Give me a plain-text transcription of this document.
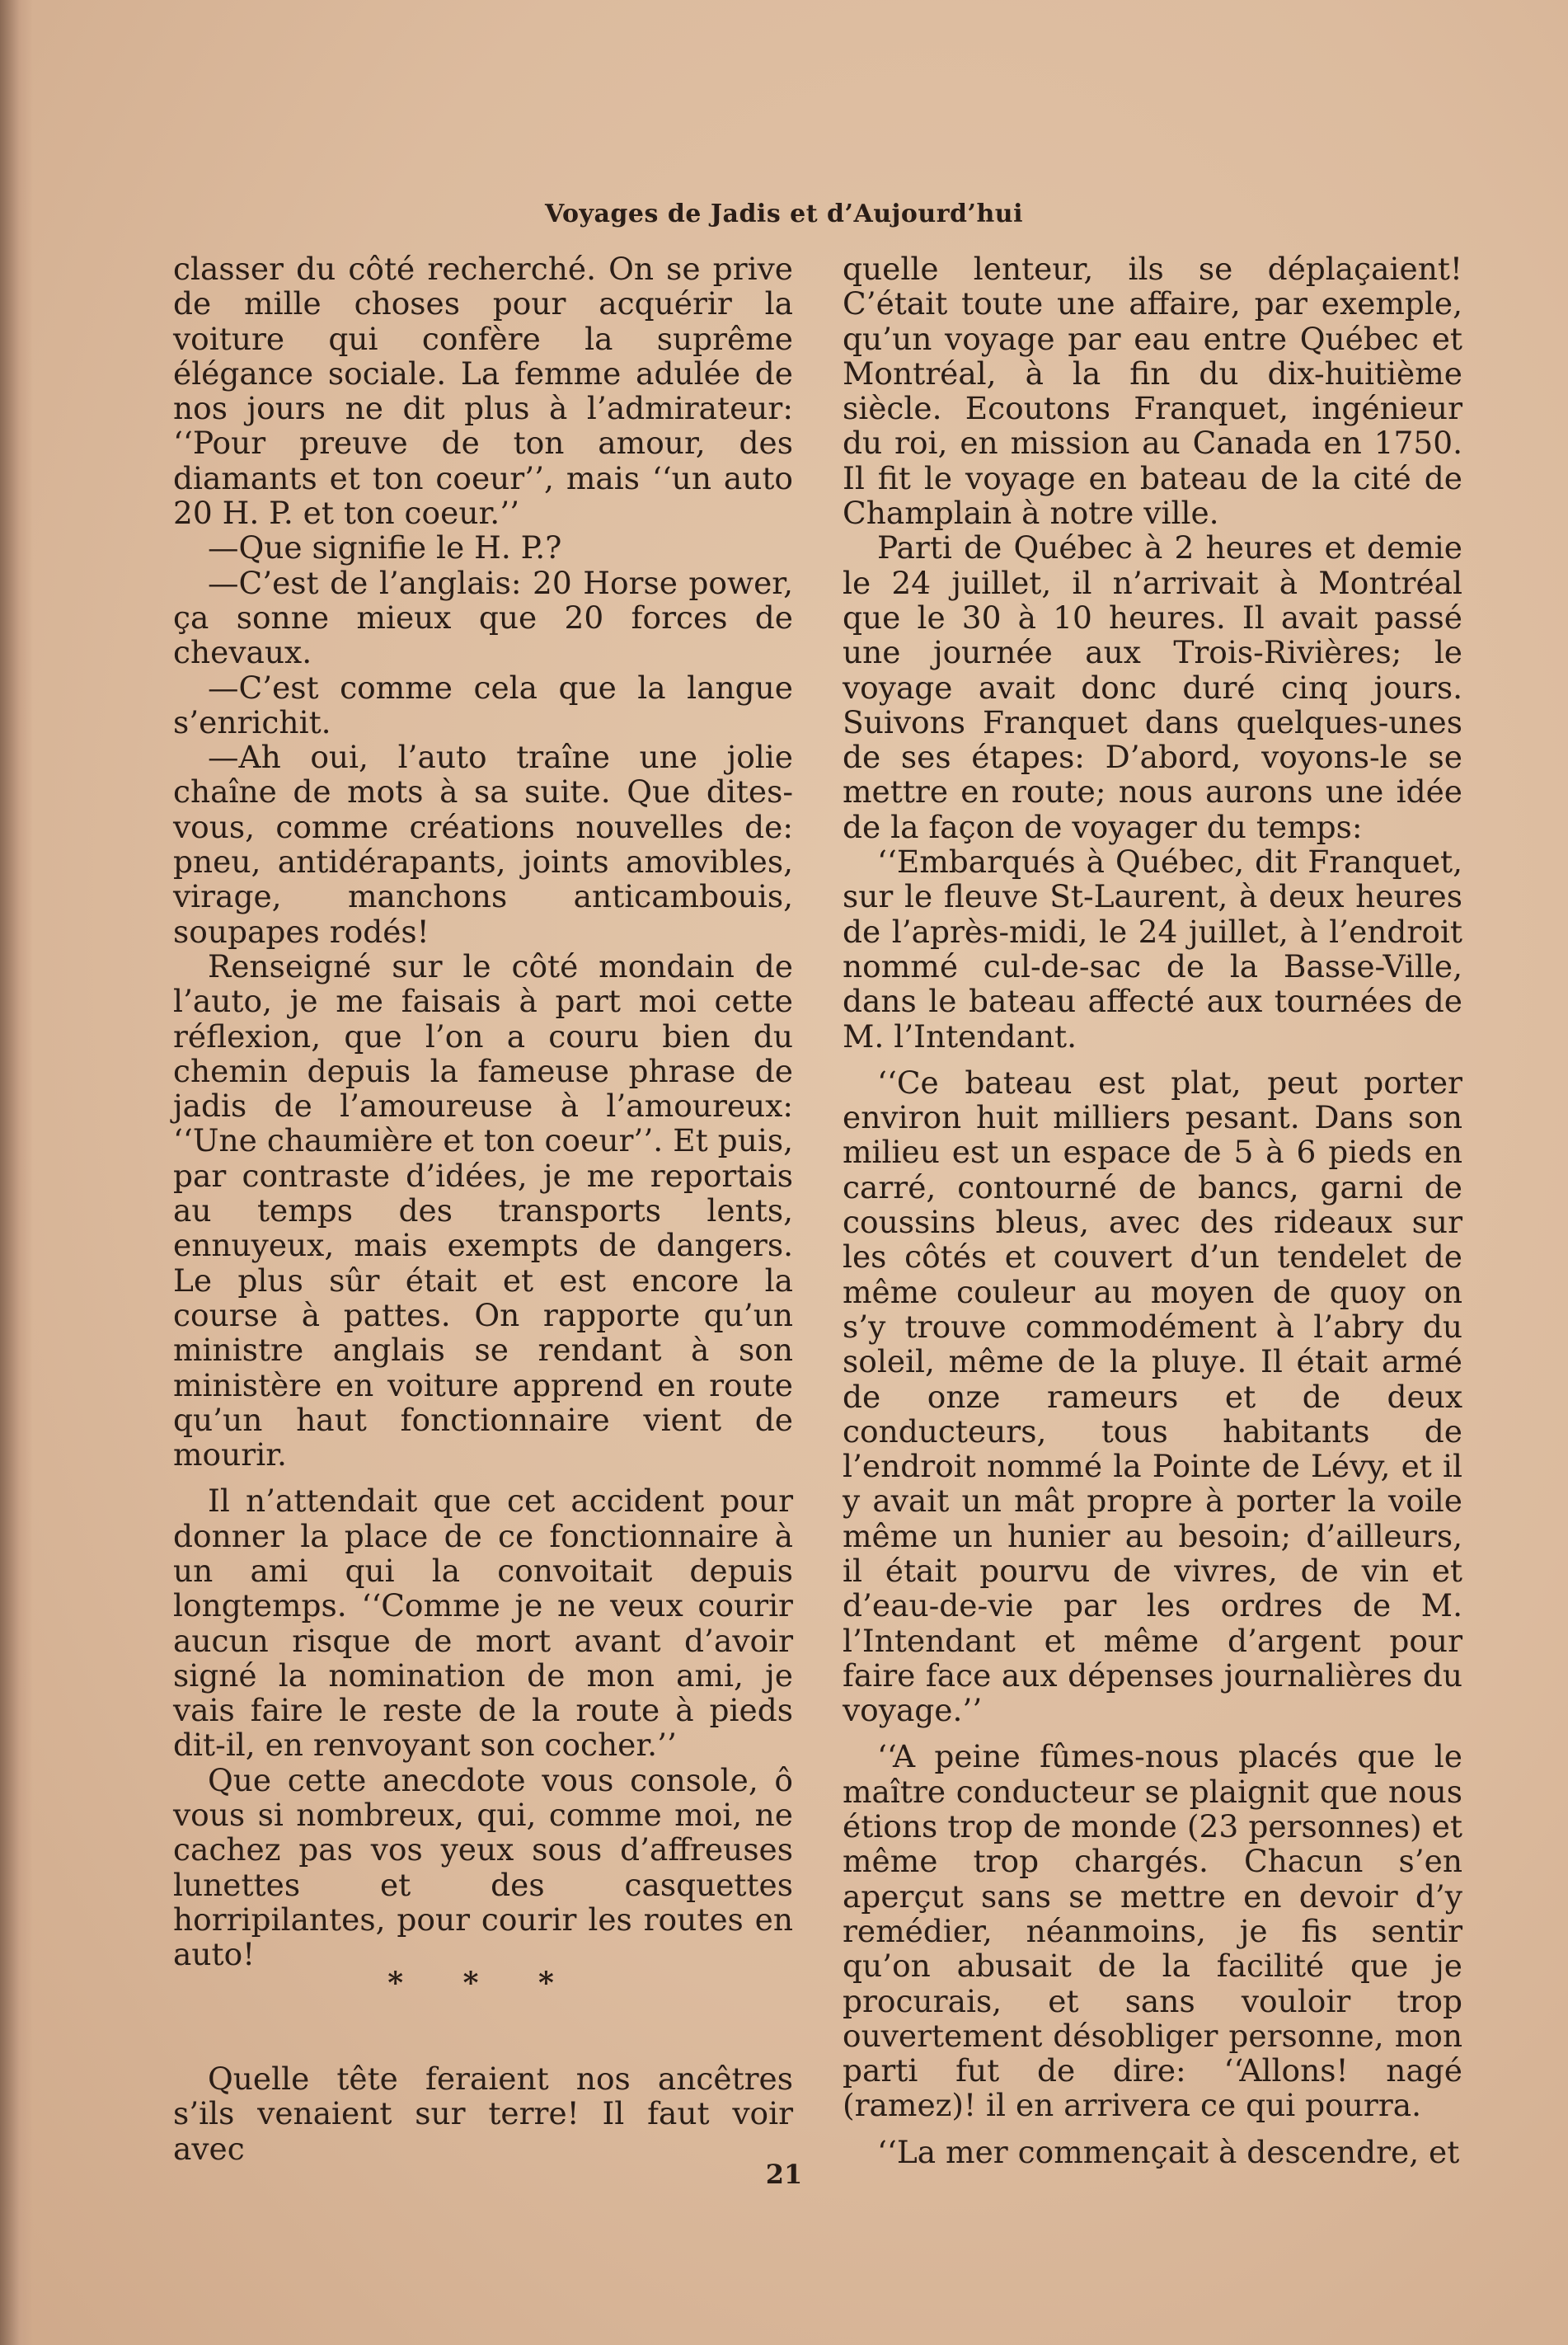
Voyages de Jadis et d’Aujourd’hui

classer du côté recherché. On se prive de mille choses pour acquérir la voiture qui confère la suprême élégance sociale. La femme adulée de nos jours ne dit plus à l’admirateur: ‘‘Pour preuve de ton amour, des diamants et ton coeur’’, mais ‘‘un auto 20 H. P. et ton coeur.’’

—Que signifie le H. P.?

—C’est de l’anglais: 20 Horse power, ça sonne mieux que 20 forces de chevaux.

—C’est comme cela que la langue s’enrichit.

—Ah oui, l’auto traîne une jolie chaîne de mots à sa suite. Que dites-vous, comme créations nouvelles de: pneu, antidérapants, joints amovibles, virage, manchons anticambouis, soupapes rodés!

Renseigné sur le côté mondain de l’auto, je me faisais à part moi cette réflexion, que l’on a couru bien du chemin depuis la fameuse phrase de jadis de l’amoureuse à l’amoureux: ‘‘Une chaumière et ton coeur’’. Et puis, par contraste d’idées, je me reportais au temps des transports lents, ennuyeux, mais exempts de dangers. Le plus sûr était et est encore la course à pattes. On rapporte qu’un ministre anglais se rendant à son ministère en voiture apprend en route qu’un haut fonctionnaire vient de mourir.

Il n’attendait que cet accident pour donner la place de ce fonctionnaire à un ami qui la convoitait depuis longtemps. ‘‘Comme je ne veux courir aucun risque de mort avant d’avoir signé la nomination de mon ami, je vais faire le reste de la route à pieds dit-il, en renvoyant son cocher.’’

Que cette anecdote vous console, ô vous si nombreux, qui, comme moi, ne cachez pas vos yeux sous d’affreuses lunettes et des casquettes horripilantes, pour courir les routes en auto!

* * *

Quelle tête feraient nos ancêtres s’ils venaient sur terre! Il faut voir avec

quelle lenteur, ils se déplaçaient! C’était toute une affaire, par exemple, qu’un voyage par eau entre Québec et Montréal, à la fin du dix-huitième siècle. Ecoutons Franquet, ingénieur du roi, en mission au Canada en 1750. Il fit le voyage en bateau de la cité de Champlain à notre ville.

Parti de Québec à 2 heures et demie le 24 juillet, il n’arrivait à Montréal que le 30 à 10 heures. Il avait passé une journée aux Trois-Rivières; le voyage avait donc duré cinq jours. Suivons Franquet dans quelques-unes de ses étapes: D’abord, voyons-le se mettre en route; nous aurons une idée de la façon de voyager du temps:

‘‘Embarqués à Québec, dit Franquet, sur le fleuve St-Laurent, à deux heures de l’après-midi, le 24 juillet, à l’endroit nommé cul-de-sac de la Basse-Ville, dans le bateau affecté aux tournées de M. l’Intendant.

‘‘Ce bateau est plat, peut porter environ huit milliers pesant. Dans son milieu est un espace de 5 à 6 pieds en carré, contourné de bancs, garni de coussins bleus, avec des rideaux sur les côtés et couvert d’un tendelet de même couleur au moyen de quoy on s’y trouve commodément à l’abry du soleil, même de la pluye. Il était armé de onze rameurs et de deux conducteurs, tous habitants de l’endroit nommé la Pointe de Lévy, et il y avait un mât propre à porter la voile même un hunier au besoin; d’ailleurs, il était pourvu de vivres, de vin et d’eau-de-vie par les ordres de M. l’Intendant et même d’argent pour faire face aux dépenses journalières du voyage.’’

‘‘A peine fûmes-nous placés que le maître conducteur se plaignit que nous étions trop de monde (23 personnes) et même trop chargés. Chacun s’en aperçut sans se mettre en devoir d’y remédier, néanmoins, je fis sentir qu’on abusait de la facilité que je procurais, et sans vouloir trop ouvertement désobliger personne, mon parti fut de dire: ‘‘Allons! nagé (ramez)! il en arrivera ce qui pourra.

‘‘La mer commençait à descendre, et

21
